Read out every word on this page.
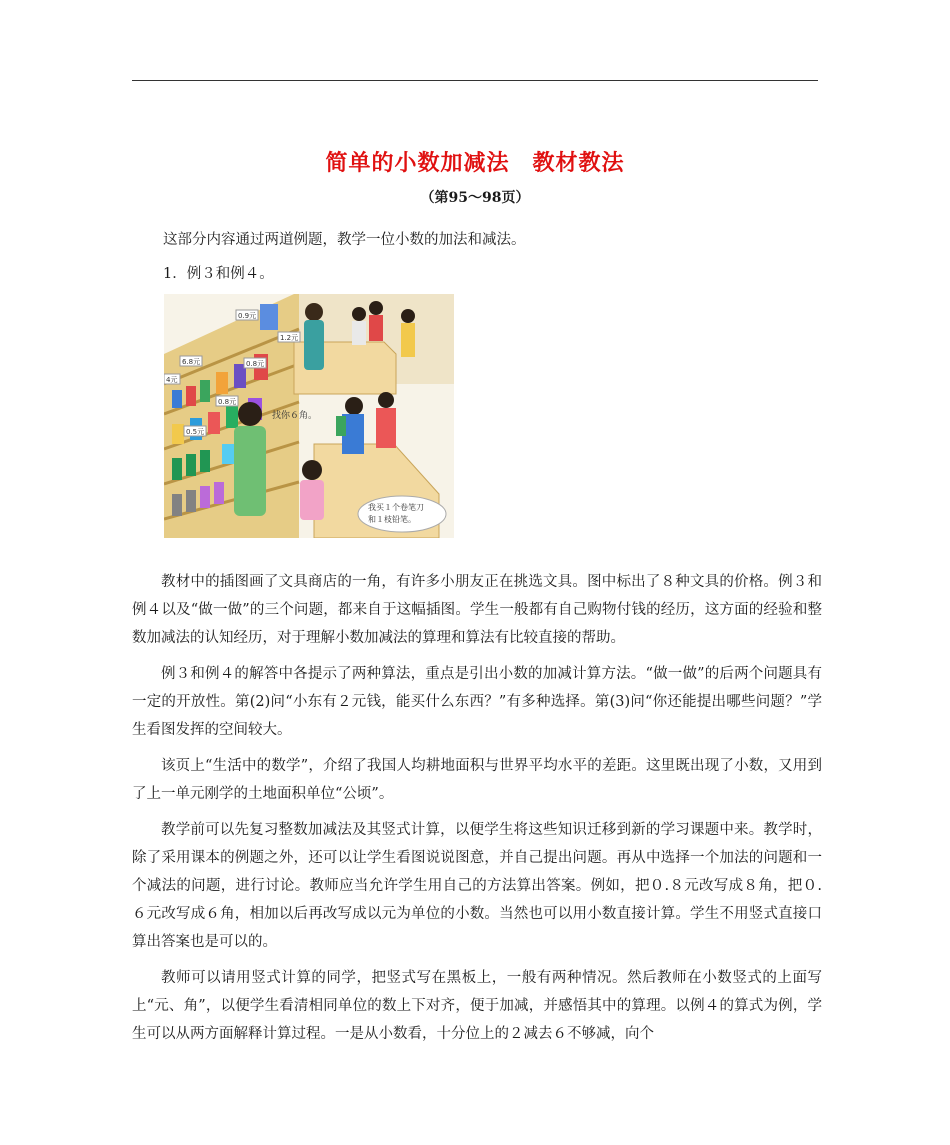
简单的小数加减法　教材教法
（第95～98页）
这部分内容通过两道例题，教学一位小数的加法和减法。
1．例３和例４。
0.9元
1.2元
6.8元	0.8元
0.8元
0.5元
4元
找你６角。
我买１个卷笔刀
和１枝铅笔。

教材中的插图画了文具商店的一角，有许多小朋友正在挑选文具。图中标出了８种文具的价格。例３和例４以及“做一做”的三个问题，都来自于这幅插图。学生一般都有自己购物付钱的经历，这方面的经验和整数加减法的认知经历，对于理解小数加减法的算理和算法有比较直接的帮助。

例３和例４的解答中各提示了两种算法，重点是引出小数的加减计算方法。“做一做”的后两个问题具有一定的开放性。第(2)问“小东有２元钱，能买什么东西？”有多种选择。第(3)问“你还能提出哪些问题？”学生看图发挥的空间较大。

该页上“生活中的数学”，介绍了我国人均耕地面积与世界平均水平的差距。这里既出现了小数，又用到了上一单元刚学的土地面积单位“公顷”。

教学前可以先复习整数加减法及其竖式计算，以便学生将这些知识迁移到新的学习课题中来。教学时，除了采用课本的例题之外，还可以让学生看图说说图意，并自己提出问题。再从中选择一个加法的问题和一个减法的问题，进行讨论。教师应当允许学生用自己的方法算出答案。例如，把０.８元改写成８角，把０.６元改写成６角，相加以后再改写成以元为单位的小数。当然也可以用小数直接计算。学生不用竖式直接口算出答案也是可以的。

教师可以请用竖式计算的同学，把竖式写在黑板上，一般有两种情况。然后教师在小数竖式的上面写上“元、角”，以便学生看清相同单位的数上下对齐，便于加减，并感悟其中的算理。以例４的算式为例，学生可以从两方面解释计算过程。一是从小数看，十分位上的２减去６不够减，向个
